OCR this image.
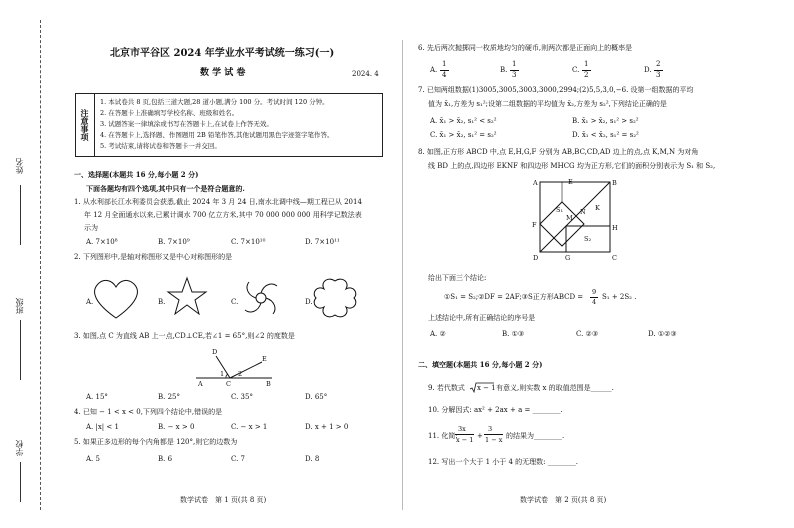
姓名
班级
学校
北京市平谷区 2024 年学业水平考试统一练习(一)
数 学 试 卷	2024. 4
注意事项
1. 本试卷共 8 页,包括三道大题,28 道小题,满分 100 分。考试时间 120 分钟。
2. 在答题卡上准确填写学校名称、班级和姓名。
3. 试题答案一律填涂或书写在答题卡上,在试卷上作答无效。
4. 在答题卡上,选择题、作图题用 2B 铅笔作答,其他试题用黑色字迹签字笔作答。
5. 考试结束,请将试卷和答题卡一并交回。
一、选择题(本题共 16 分,每小题 2 分)
下面各题均有四个选项,其中只有一个是符合题意的.
1. 从水利部长江水利委员会获悉,截止 2024 年 3 月 24 日,南水北调中线—期工程已从 2014
年 12 月全面通水以来,已累计调水 700 亿立方米,其中 70 000 000 000 用科学记数法表
示为
A. 7×10⁸	B. 7×10⁹	C. 7×10¹⁰	D. 7×10¹¹
2. 下列图形中,是轴对称图形又是中心对称图形的是
A.	B.	C.	D.
3. 如图,点 C 为直线 AB 上一点,CD⊥CE,若∠1 = 65°,则∠2 的度数是
A	C	B
D
E
1 2
A. 15°	B. 25°	C. 35°	D. 65°
4. 已知 − 1 < x < 0,下列四个结论中,错误的是
A. |x| < 1	B. − x > 0	C. − x > 1	D. x + 1 > 0
5. 如果正多边形的每个内角都是 120°,则它的边数为
A. 5	B. 6	C. 7	D. 8
数学试卷　第 1 页(共 8 页)
6. 先后两次抛掷同一枚质地均匀的硬币,则两次都是正面向上的概率是
A.
1
4
B.
1
3
C.
1
2
D.
2
3
7. 已知两组数据(1)3005,3005,3003,3000,2994;(2)5,5,3,0,−6. 设第一组数据的平均
值为 x̄₁,方差为 s₁²;设第二组数据的平均值为 x̄₂,方差为 s₂²,下列结论正确的是
A. x̄₁ > x̄₂, s₁² < s₂²	B. x̄₁ > x̄₂, s₁² > s₂²
C. x̄₁ > x̄₂, s₁² = s₂²	D. x̄₁ < x̄₂, s₁² = s₂²
8. 如图,正方形 ABCD 中,点 E,H,G,F 分别为 AB,BC,CD,AD 边上的点,点 K,M,N 为对角
线 BD 上的点,四边形 EKNF 和四边形 MHCG 均为正方形,它们的面积分别表示为 S₁ 和 S₂,
A	E	B
F
N
M
K
H
D	G	C
S₁
S₂
给出下面三个结论:
①S₁ = S₂;②DF = 2AF;③S正方形ABCD =
9
4
S₁ + 2S₂ .
上述结论中,所有正确结论的序号是
A. ②	B. ①③	C. ②③	D. ①②③
二、填空题(本题共 16 分,每小题 2 分)
9. 若代数式 x − 1 有意义,则实数 x 的取值范围是______.
10. 分解因式: ax² + 2ax + a = ________.
11. 化简:
3x
x − 1 +
3
1 − x 的结果为________.
12. 写出一个大于 1 小于 4 的无理数: ________.
数学试卷　第 2 页(共 8 页)
